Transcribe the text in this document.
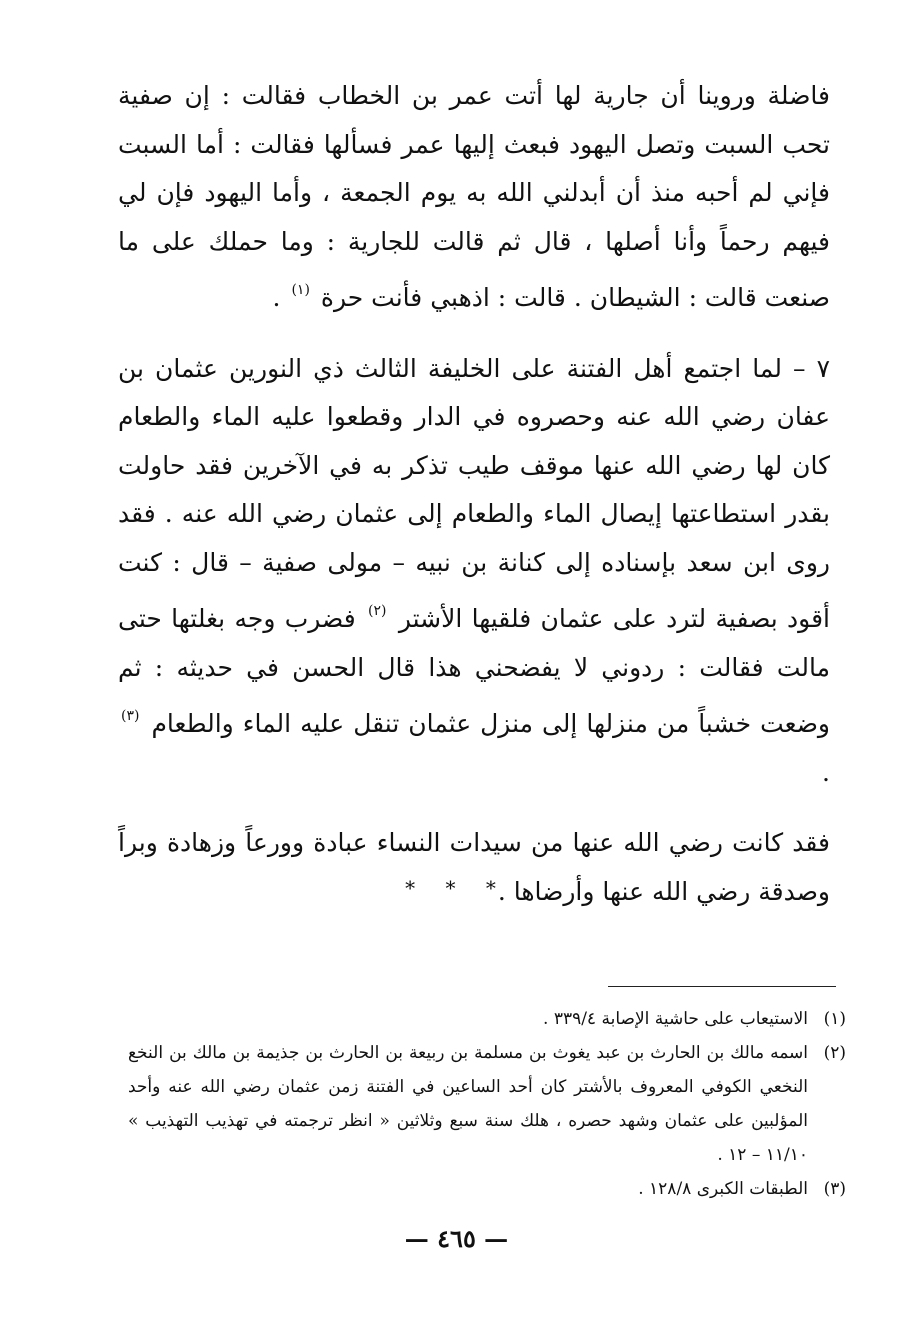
فاضلة وروينا أن جارية لها أتت عمر بن الخطاب فقالت : إن صفية تحب السبت وتصل اليهود فبعث إليها عمر فسألها فقالت : أما السبت فإني لم أحبه منذ أن أبدلني الله به يوم الجمعة ، وأما اليهود فإن لي فيهم رحماً وأنا أصلها ، قال ثم قالت للجارية : وما حملك على ما صنعت قالت : الشيطان . قالت : اذهبي فأنت حرة $^{(١)}$ .

٧ – لما اجتمع أهل الفتنة على الخليفة الثالث ذي النورين عثمان بن عفان رضي الله عنه وحصروه في الدار وقطعوا عليه الماء والطعام كان لها رضي الله عنها موقف طيب تذكر به في الآخرين فقد حاولت بقدر استطاعتها إيصال الماء والطعام إلى عثمان رضي الله عنه . فقد روى ابن سعد بإسناده إلى كنانة بن نبيه – مولى صفية – قال : كنت أقود بصفية لترد على عثمان فلقيها الأشتر $^{(٢)}$ فضرب وجه بغلتها حتى مالت فقالت : ردوني لا يفضحني هذا قال الحسن في حديثه : ثم وضعت خشباً من منزلها إلى منزل عثمان تنقل عليه الماء والطعام $^{(٣)}$ .

فقد كانت رضي الله عنها من سيدات النساء عبادة وورعاً وزهادة وبراً وصدقة رضي الله عنها وأرضاها .

* * *

(١)
الاستيعاب على حاشية الإصابة ٣٣٩/٤ .

(٢)
اسمه مالك بن الحارث بن عبد يغوث بن مسلمة بن ربيعة بن الحارث بن جذيمة بن مالك بن النخع النخعي الكوفي المعروف بالأشتر كان أحد الساعين في الفتنة زمن عثمان رضي الله عنه وأحد المؤلبين على عثمان وشهد حصره ، هلك سنة سبع وثلاثين « انظر ترجمته في تهذيب التهذيب » ١١/١٠ – ١٢ .

(٣)
الطبقات الكبرى ١٢٨/٨ .

— ٤٦٥ —
